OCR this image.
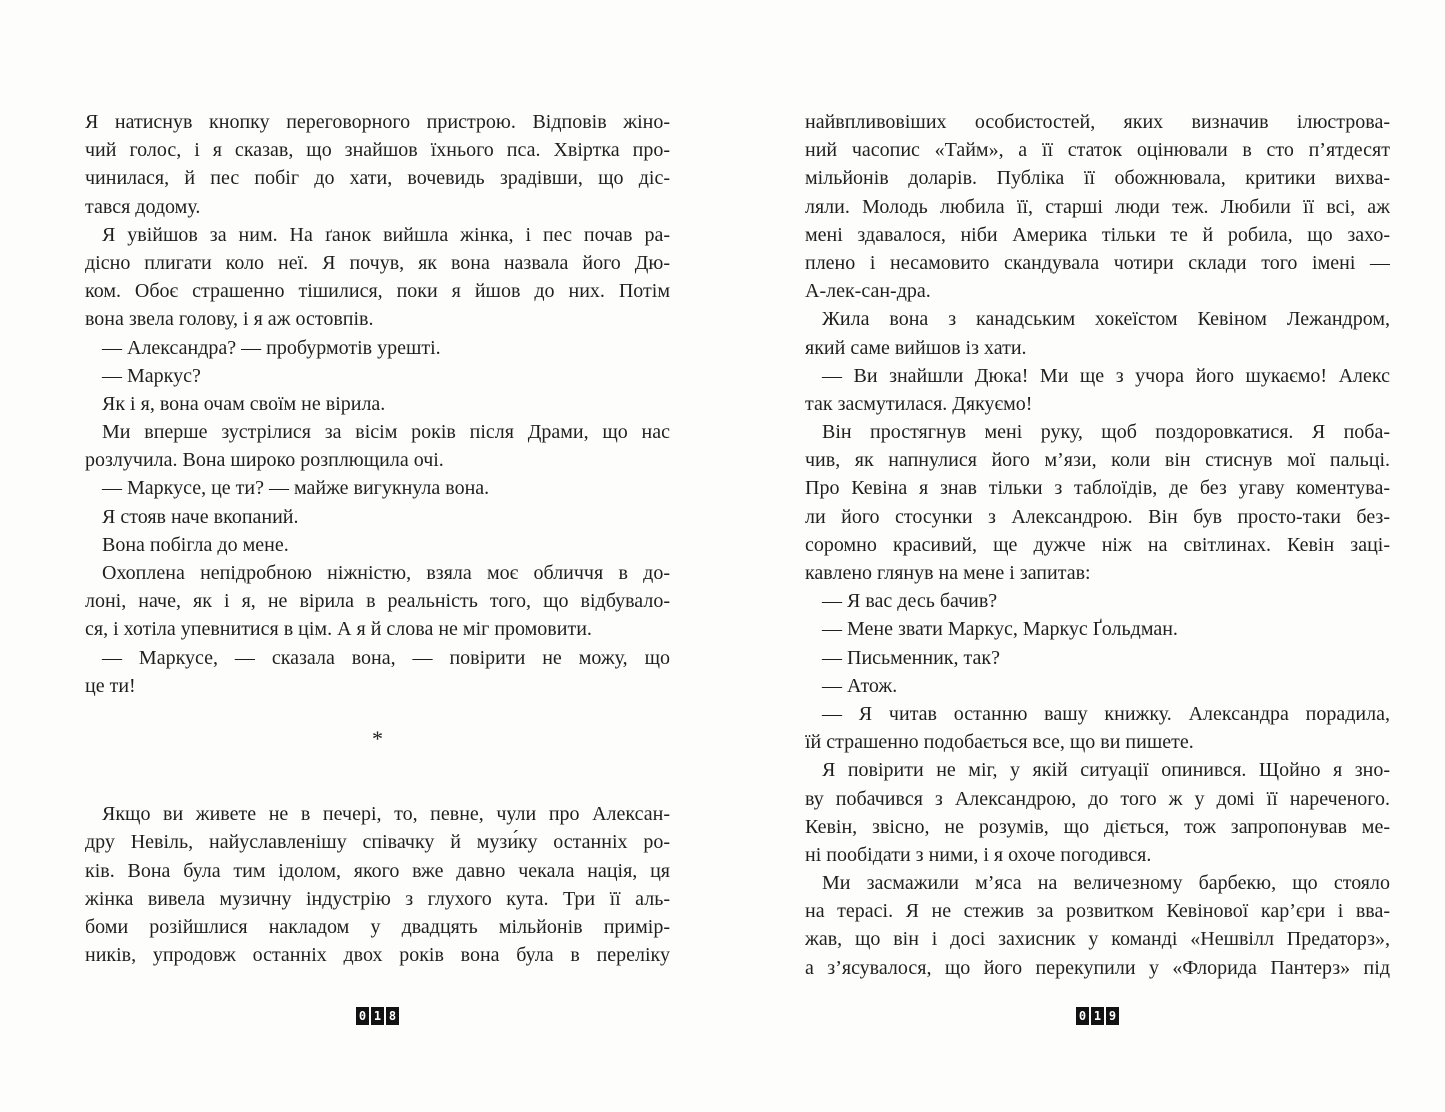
Я натиснув кнопку переговорного пристрою. Відповів жіно-
чий голос, і я сказав, що знайшов їхнього пса. Хвіртка про-
чинилася, й пес побіг до хати, вочевидь зрадівши, що діс-
тався додому.
Я увійшов за ним. На ґанок вийшла жінка, і пес почав ра-
дісно плигати коло неї. Я почув, як вона назвала його Дю-
ком. Обоє страшенно тішилися, поки я йшов до них. Потім
вона звела голову, і я аж остовпів.
— Александра? — пробурмотів урешті.
— Маркус?
Як і я, вона очам своїм не вірила.
Ми вперше зустрілися за вісім років після Драми, що нас
розлучила. Вона широко розплющила очі.
— Маркусе, це ти? — майже вигукнула вона.
Я стояв наче вкопаний.
Вона побігла до мене.
Охоплена непідробною ніжністю, взяла моє обличчя в до-
лоні, наче, як і я, не вірила в реальність того, що відбувало-
ся, і хотіла упевнитися в цім. А я й слова не міг промовити.
— Маркусе, — сказала вона, — повірити не можу, що
це ти!
*
Якщо ви живете не в печері, то, певне, чули про Алексан-
дру Невіль, найуславленішу співачку й музи́ку останніх ро-
ків. Вона була тим ідолом, якого вже давно чекала нація, ця
жінка вивела музичну індустрію з глухого кута. Три її аль-
боми розійшлися накладом у двадцять мільйонів примір-
ників, упродовж останніх двох років вона була в переліку
найвпливовіших особистостей, яких визначив ілюстрова-
ний часопис «Тайм», а її статок оцінювали в сто п’ятдесят
мільйонів доларів. Публіка її обожнювала, критики вихва-
ляли. Молодь любила її, старші люди теж. Любили її всі, аж
мені здавалося, ніби Америка тільки те й робила, що захо-
плено і несамовито скандувала чотири склади того імені —
А-лек-сан-дра.
Жила вона з канадським хокеїстом Кевіном Лежандром,
який саме вийшов із хати.
— Ви знайшли Дюка! Ми ще з учора його шукаємо! Алекс
так засмутилася. Дякуємо!
Він простягнув мені руку, щоб поздоровкатися. Я поба-
чив, як напнулися його м’язи, коли він стиснув мої пальці.
Про Кевіна я знав тільки з таблоїдів, де без угаву коментува-
ли його стосунки з Александрою. Він був просто-таки без-
соромно красивий, ще дужче ніж на світлинах. Кевін заці-
кавлено глянув на мене і запитав:
— Я вас десь бачив?
— Мене звати Маркус, Маркус Ґольдман.
— Письменник, так?
— Атож.
— Я читав останню вашу книжку. Александра порадила,
їй страшенно подобається все, що ви пишете.
Я повірити не міг, у якій ситуації опинився. Щойно я зно-
ву побачився з Александрою, до того ж у домі її нареченого.
Кевін, звісно, не розумів, що діється, тож запропонував ме-
ні пообідати з ними, і я охоче погодився.
Ми засмажили м’яса на величезному барбекю, що стояло
на терасі. Я не стежив за розвитком Кевінової кар’єри і вва-
жав, що він і досі захисник у команді «Нешвілл Предаторз»,
а з’ясувалося, що його перекупили у «Флорида Пантерз» під
0 1 8	0 1 9
